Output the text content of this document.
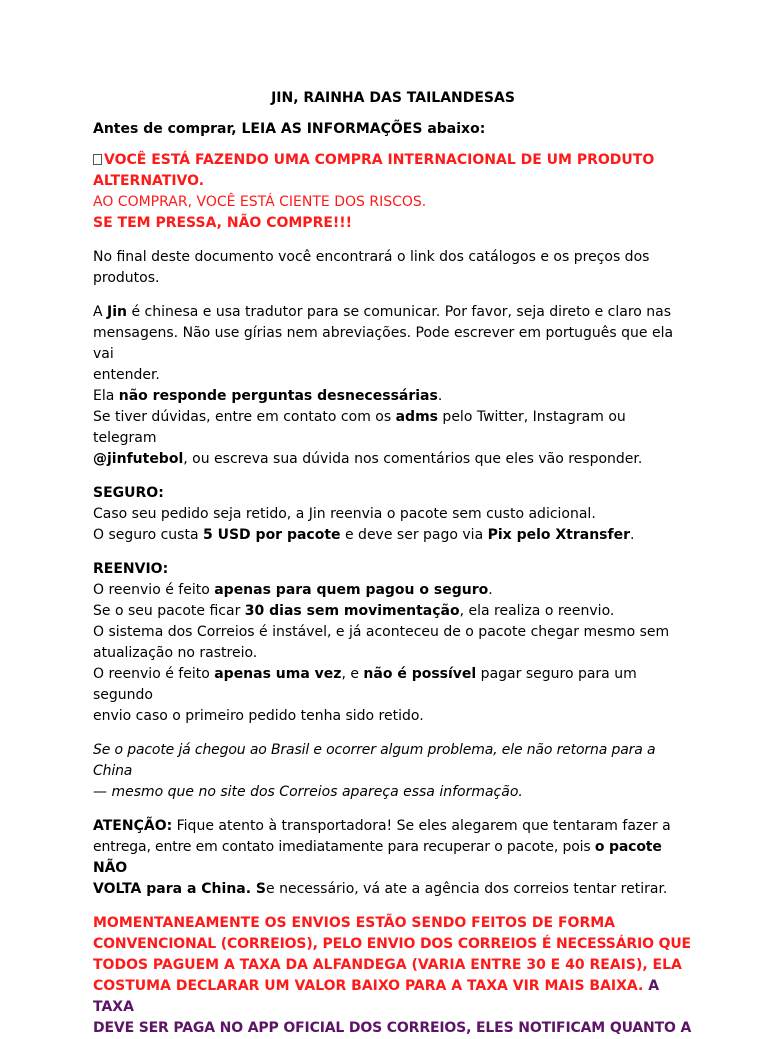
JIN, RAINHA DAS TAILANDESAS

Antes de comprar, LEIA AS INFORMAÇÕES abaixo:

VOCÊ ESTÁ FAZENDO UMA COMPRA INTERNACIONAL DE UM PRODUTO

ALTERNATIVO.

AO COMPRAR, VOCÊ ESTÁ CIENTE DOS RISCOS.

SE TEM PRESSA, NÃO COMPRE!!!

No final deste documento você encontrará o link dos catálogos e os preços dos

produtos.

A Jin é chinesa e usa tradutor para se comunicar. Por favor, seja direto e claro nas

mensagens. Não use gírias nem abreviações. Pode escrever em português que ela vai

entender.

Ela não responde perguntas desnecessárias.

Se tiver dúvidas, entre em contato com os adms pelo Twitter, Instagram ou telegram

@jinfutebol, ou escreva sua dúvida nos comentários que eles vão responder.

SEGURO:

Caso seu pedido seja retido, a Jin reenvia o pacote sem custo adicional.

O seguro custa 5 USD por pacote e deve ser pago via Pix pelo Xtransfer.

REENVIO:

O reenvio é feito apenas para quem pagou o seguro.

Se o seu pacote ficar 30 dias sem movimentação, ela realiza o reenvio.

O sistema dos Correios é instável, e já aconteceu de o pacote chegar mesmo sem

atualização no rastreio.

O reenvio é feito apenas uma vez, e não é possível pagar seguro para um segundo

envio caso o primeiro pedido tenha sido retido.

Se o pacote já chegou ao Brasil e ocorrer algum problema, ele não retorna para a China

— mesmo que no site dos Correios apareça essa informação.

ATENÇÃO: Fique atento à transportadora! Se eles alegarem que tentaram fazer a

entrega, entre em contato imediatamente para recuperar o pacote, pois o pacote NÃO

VOLTA para a China. Se necessário, vá ate a agência dos correios tentar retirar.

MOMENTANEAMENTE OS ENVIOS ESTÃO SENDO FEITOS DE FORMA

CONVENCIONAL (CORREIOS), PELO ENVIO DOS CORREIOS É NECESSÁRIO QUE

TODOS PAGUEM A TAXA DA ALFANDEGA (VARIA ENTRE 30 E 40 REAIS), ELA

COSTUMA DECLARAR UM VALOR BAIXO PARA A TAXA VIR MAIS BAIXA. A TAXA

DEVE SER PAGA NO APP OFICIAL DOS CORREIOS, ELES NOTIFICAM QUANTO A
